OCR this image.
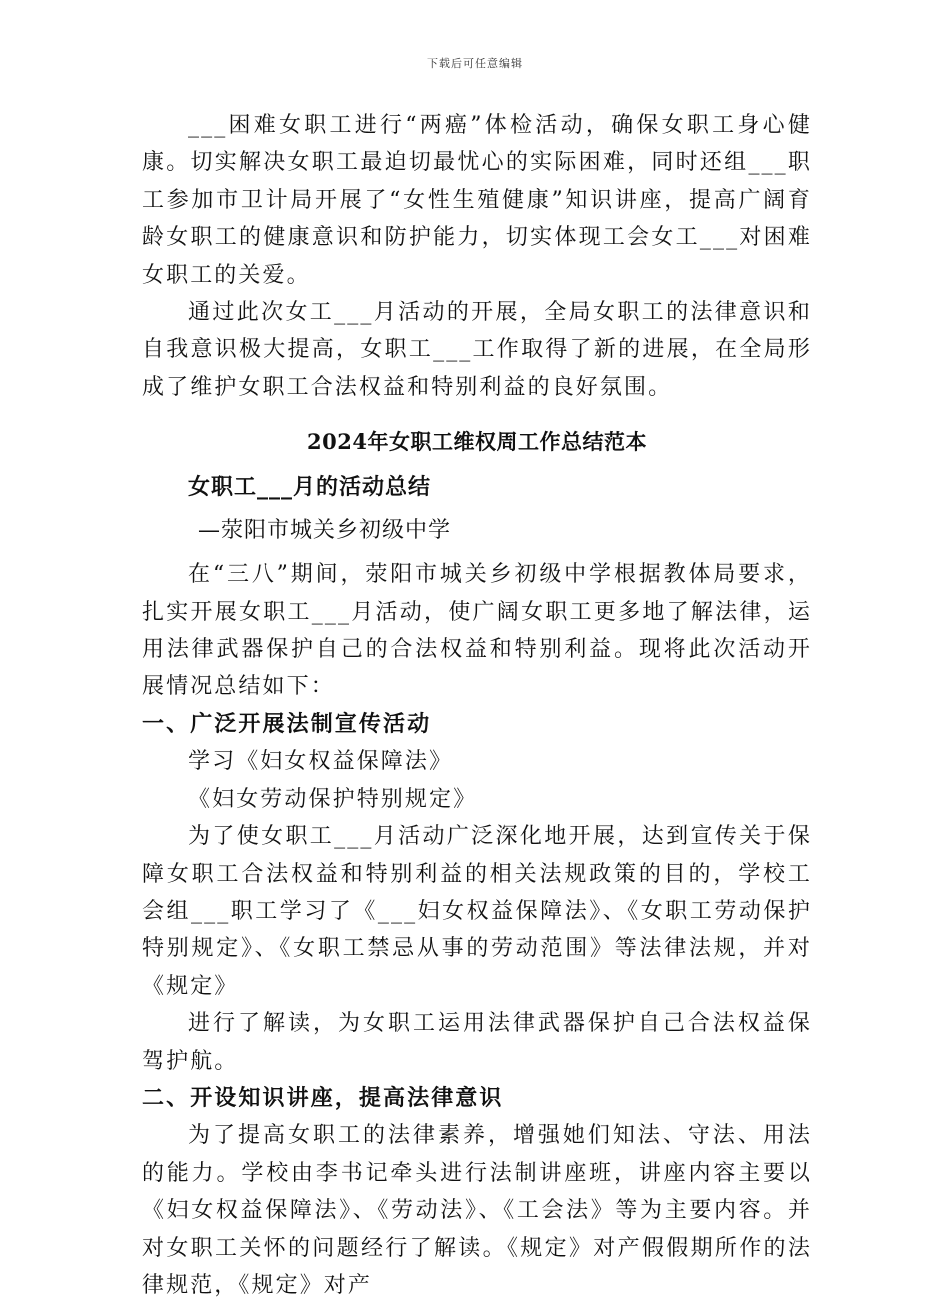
下载后可任意编辑

___困难女职工进行“两癌”体检活动，确保女职工身心健康。切实解决女职工最迫切最忧心的实际困难，同时还组___职工参加市卫计局开展了“女性生殖健康”知识讲座，提高广阔育龄女职工的健康意识和防护能力，切实体现工会女工___对困难女职工的关爱。

通过此次女工___月活动的开展，全局女职工的法律意识和自我意识极大提高，女职工___工作取得了新的进展，在全局形成了维护女职工合法权益和特别利益的良好氛围。

2024年女职工维权周工作总结范本
女职工___月的活动总结
—荥阳市城关乡初级中学

在“三八”期间，荥阳市城关乡初级中学根据教体局要求，扎实开展女职工___月活动，使广阔女职工更多地了解法律，运用法律武器保护自己的合法权益和特别利益。现将此次活动开展情况总结如下：

一、广泛开展法制宣传活动

学习《妇女权益保障法》

《妇女劳动保护特别规定》

为了使女职工___月活动广泛深化地开展，达到宣传关于保障女职工合法权益和特别利益的相关法规政策的目的，学校工会组___职工学习了《___妇女权益保障法》、《女职工劳动保护特别规定》、《女职工禁忌从事的劳动范围》等法律法规，并对《规定》

进行了解读，为女职工运用法律武器保护自己合法权益保驾护航。

二、开设知识讲座，提高法律意识

为了提高女职工的法律素养，增强她们知法、守法、用法的能力。学校由李书记牵头进行法制讲座班，讲座内容主要以《妇女权益保障法》、《劳动法》、《工会法》等为主要内容。并对女职工关怀的问题经行了解读。《规定》对产假假期所作的法律规范，《规定》对产
